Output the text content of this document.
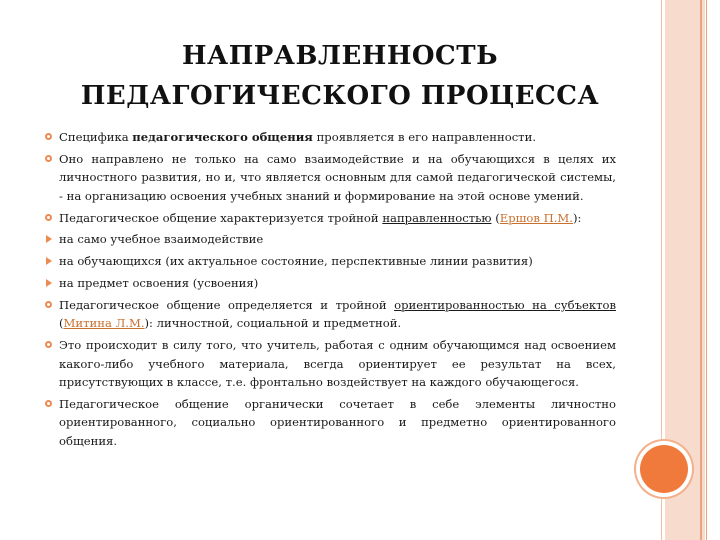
НАПРАВЛЕННОСТЬ
ПЕДАГОГИЧЕСКОГО ПРОЦЕССА
Специфика педагогического общения проявляется в его направленности.
Оно направлено не только на само взаимодействие и на обучающихся в целях их личностного развития, но и, что является основным для самой педагогической системы, - на организацию освоения учебных знаний и формирование на этой основе умений.
Педагогическое общение характеризуется тройной направленностью (Ершов П.М.):
на само учебное взаимодействие
на обучающихся (их актуальное состояние, перспективные линии развития)
на предмет освоения (усвоения)
Педагогическое общение определяется и тройной ориентированностью на субъектов (Митина Л.М.): личностной, социальной и предметной.
Это происходит в силу того, что учитель, работая с одним обучающимся над освоением какого-либо учебного материала, всегда ориентирует ее результат на всех, присутствующих в классе, т.е. фронтально воздействует на каждого обучающегося.
Педагогическое общение органически сочетает в себе элементы личностно ориентированного, социально ориентированного и предметно ориентированного общения.
